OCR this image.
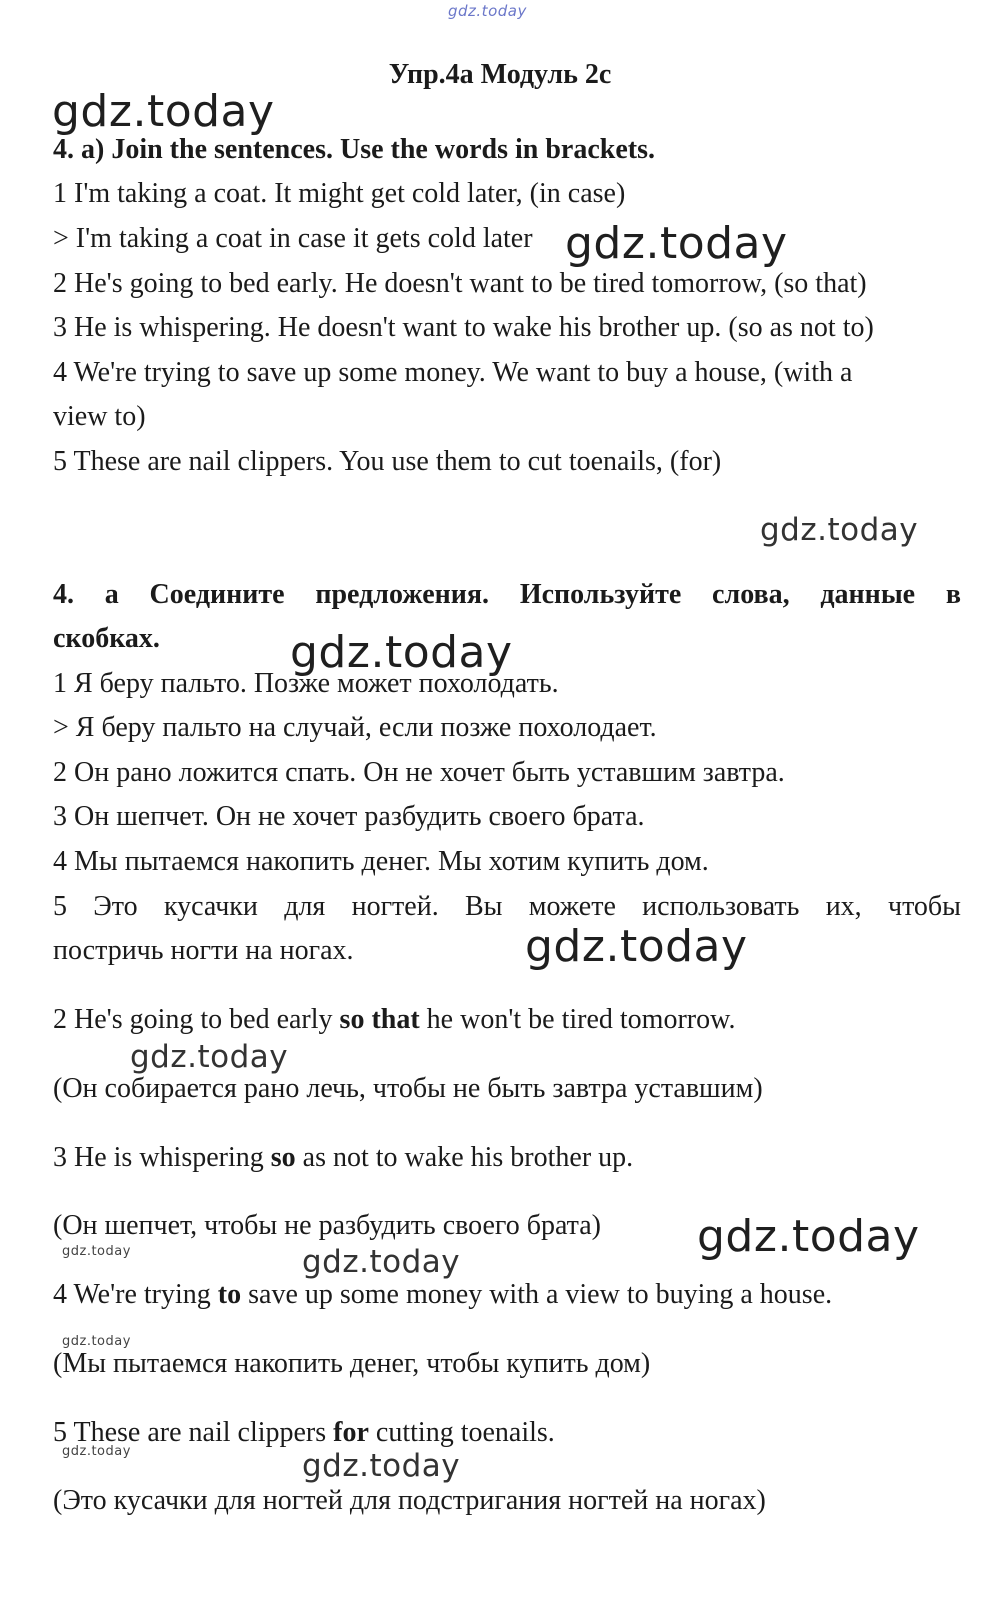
gdz.today
Упр.4а Модуль 2c
gdz.today
gdz.today
gdz.today
gdz.today
gdz.today
gdz.today
gdz.today
gdz.today	gdz.today
gdz.today
gdz.today	gdz.today
4. a) Join the sentences. Use the words in brackets.
1 I'm taking a coat. It might get cold later, (in case)
> I'm taking a coat in case it gets cold later
2 He's going to bed early. He doesn't want to be tired tomorrow, (so that)
3 He is whispering. He doesn't want to wake his brother up. (so as not to)
4 We're trying to save up some money. We want to buy a house, (with a
view to)
5 These are nail clippers. You use them to cut toenails, (for)
4. а Соедините предложения. Используйте слова, данные в
скобках.
1 Я беру пальто. Позже может похолодать.
> Я беру пальто на случай, если позже похолодает.
2 Он рано ложится спать. Он не хочет быть уставшим завтра.
3 Он шепчет. Он не хочет разбудить своего брата.
4 Мы пытаемся накопить денег. Мы хотим купить дом.
5 Это кусачки для ногтей. Вы можете использовать их, чтобы
постричь ногти на ногах.
2 He's going to bed early so that he won't be tired tomorrow.
(Он собирается рано лечь, чтобы не быть завтра уставшим)
3 He is whispering so as not to wake his brother up.
(Он шепчет, чтобы не разбудить своего брата)
4 We're trying to save up some money with a view to buying a house.
(Мы пытаемся накопить денег, чтобы купить дом)
5 These are nail clippers for cutting toenails.
(Это кусачки для ногтей для подстригания ногтей на ногах)
